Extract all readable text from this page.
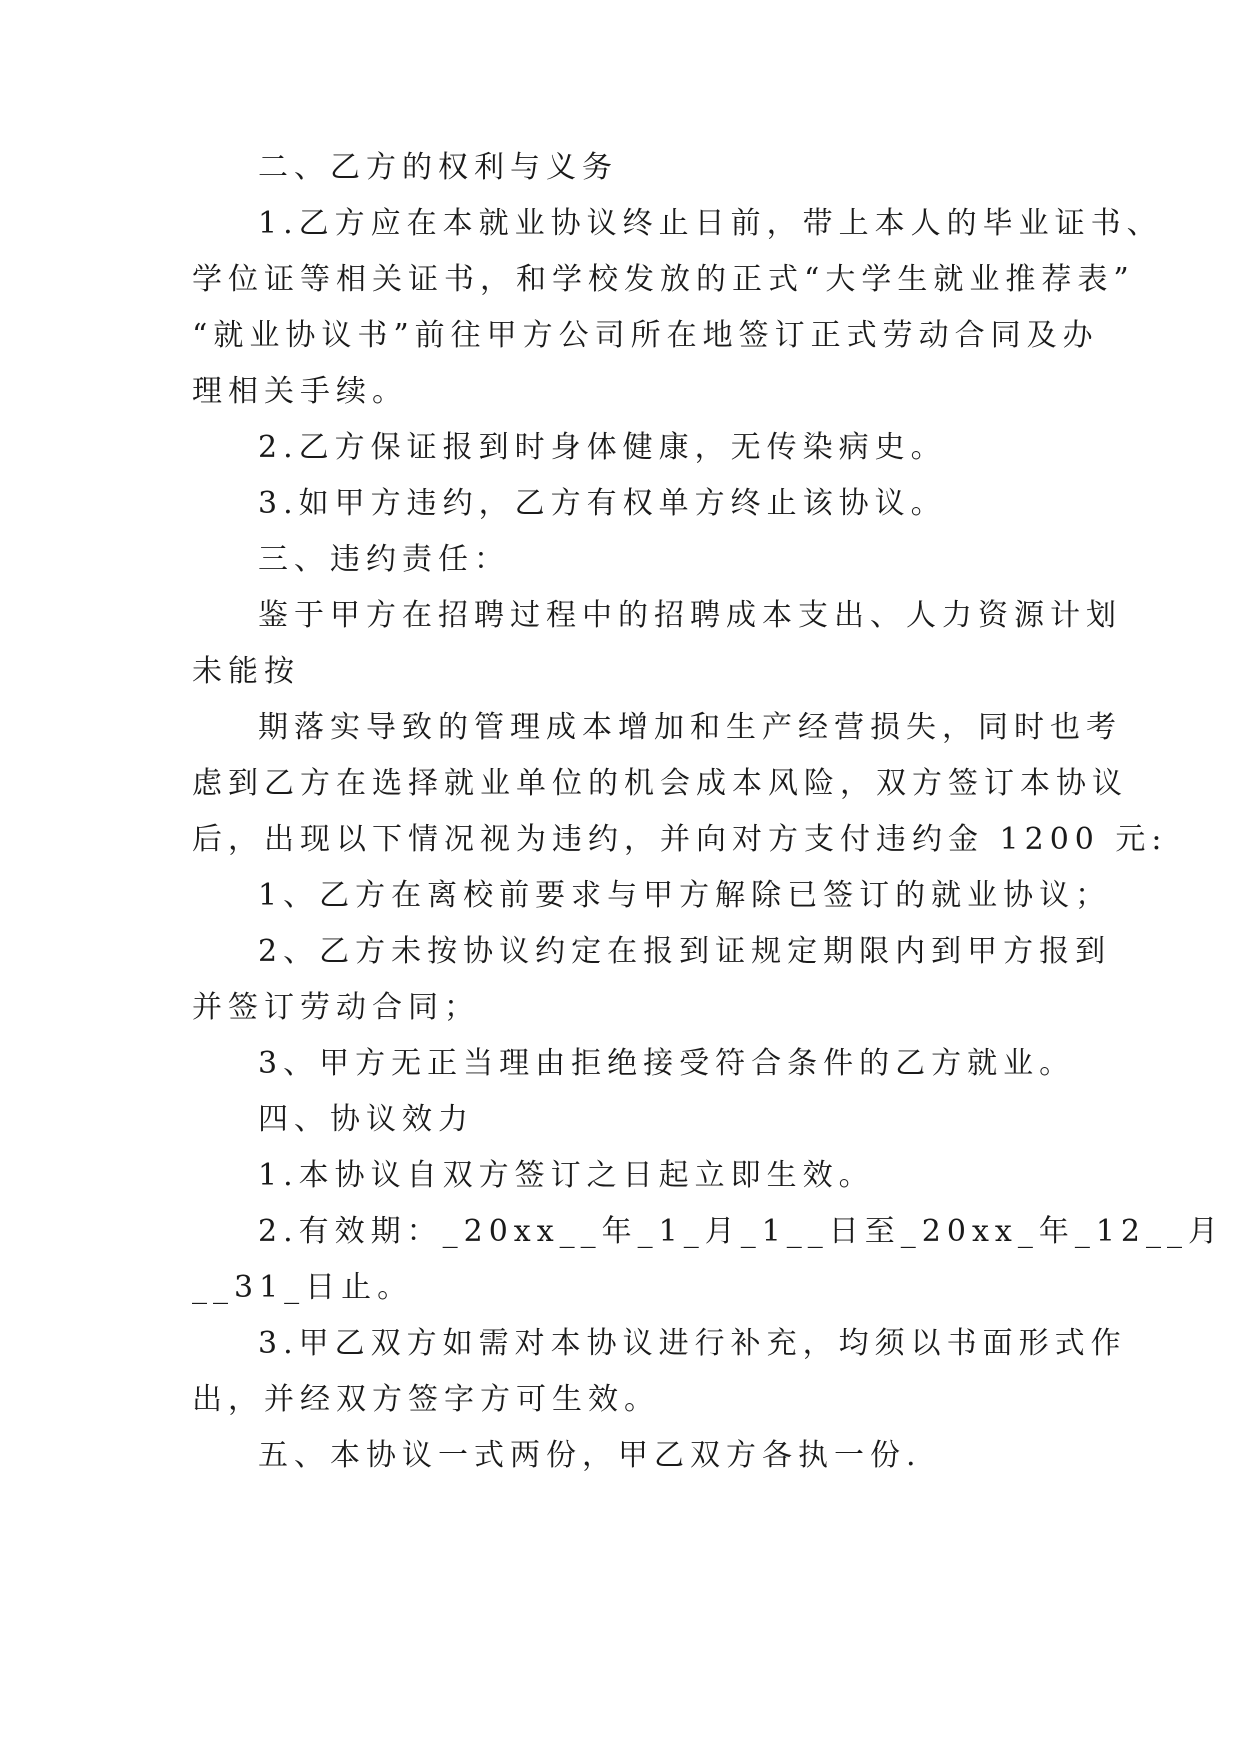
二、乙方的权利与义务
1.乙方应在本就业协议终止日前，带上本人的毕业证书、
学位证等相关证书，和学校发放的正式“大学生就业推荐表”
“就业协议书”前往甲方公司所在地签订正式劳动合同及办
理相关手续。
2.乙方保证报到时身体健康，无传染病史。
3.如甲方违约，乙方有权单方终止该协议。
三、违约责任：
鉴于甲方在招聘过程中的招聘成本支出、人力资源计划
未能按
期落实导致的管理成本增加和生产经营损失，同时也考
虑到乙方在选择就业单位的机会成本风险，双方签订本协议
后，出现以下情况视为违约，并向对方支付违约金 1200 元:
1、乙方在离校前要求与甲方解除已签订的就业协议；
2、乙方未按协议约定在报到证规定期限内到甲方报到
并签订劳动合同；
3、甲方无正当理由拒绝接受符合条件的乙方就业。
四、协议效力
1.本协议自双方签订之日起立即生效。
2.有效期：_20xx__年_1_月_1__日至_20xx_年_12__月
__31_日止。
3.甲乙双方如需对本协议进行补充，均须以书面形式作
出，并经双方签字方可生效。
五、本协议一式两份，甲乙双方各执一份.
